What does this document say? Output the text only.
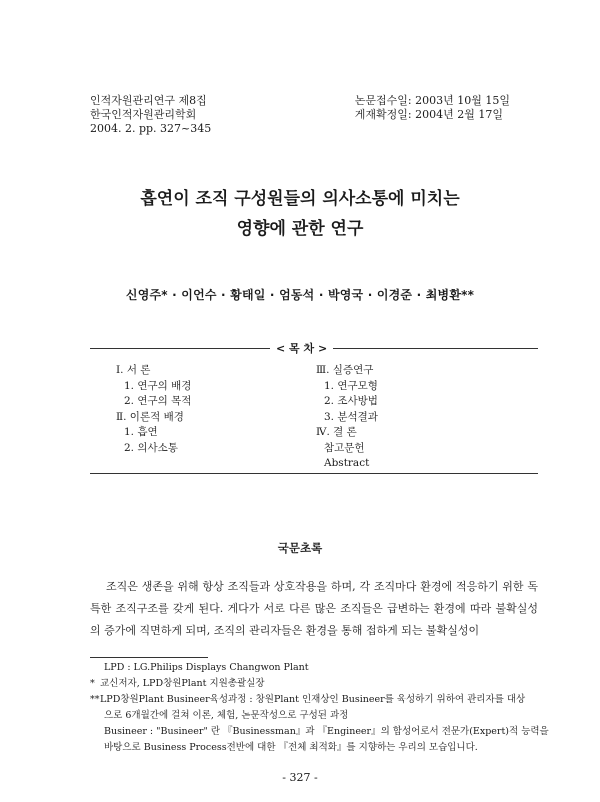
인적자원관리연구 제8집
한국인적자원관리학회
2004. 2. pp. 327~345
논문접수일: 2003년 10월 15일
게재확정일: 2004년 2월 17일
흡연이 조직 구성원들의 의사소통에 미치는
영향에 관한 연구
신영주* · 이언수 · 황태일 · 엄동석 · 박영국 · 이경준 · 최병환**
< 목 차 >
Ⅰ. 서 론
1. 연구의 배경
2. 연구의 목적
Ⅱ. 이론적 배경
1. 흡연
2. 의사소통
Ⅲ. 실증연구
1. 연구모형
2. 조사방법
3. 분석결과
Ⅳ. 결 론
참고문헌
Abstract
국문초록

조직은 생존을 위해 항상 조직들과 상호작용을 하며, 각 조직마다 환경에 적응하기 위한 독특한 조직구조를 갖게 된다. 게다가 서로 다른 많은 조직들은 급변하는 환경에 따라 불확실성의 증가에 직면하게 되며, 조직의 관리자들은 환경을 통해 접하게 되는 불확실성이

LPD : LG.Philips Displays Changwon Plant
* 교신저자, LPD창원Plant 지원총괄실장
**LPD창원Plant Busineer육성과정 : 창원Plant 인재상인 Busineer를 육성하기 위하여 관리자를 대상
으로 6개월간에 걸쳐 이론, 체험, 논문작성으로 구성된 과정
Busineer : "Busineer" 란 『Businessman』과 『Engineer』의 합성어로서 전문가(Expert)적 능력을
바탕으로 Business Process전반에 대한 『전체 최적화』를 지향하는 우리의 모습입니다.
- 327 -
